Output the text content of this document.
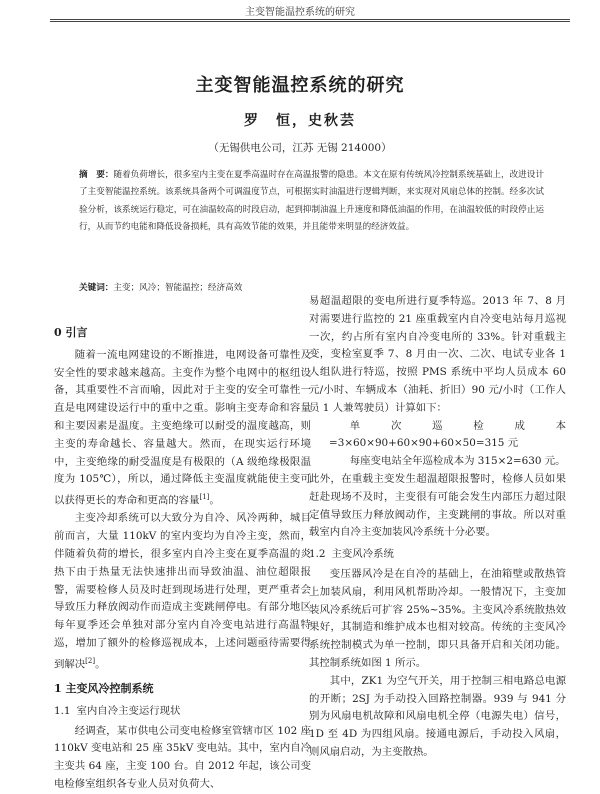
主变智能温控系统的研究
主变智能温控系统的研究
罗　恒，史秋芸
（无锡供电公司，江苏 无锡 214000）
摘　要：随着负荷增长，很多室内主变在夏季高温时存在高温报警的隐患。本文在原有传统风冷控制系统基础上，改进设计了主变智能温控系统。该系统具备两个可调温度节点，可根据实时油温进行逻辑判断，来实现对风扇总体的控制。经多次试验分析，该系统运行稳定，可在油温较高的时段启动，起到抑制油温上升速度和降低油温的作用，在油温较低的时段停止运行，从而节约电能和降低设备损耗，具有高效节能的效果，并且能带来明显的经济效益。
关键词：主变；风冷；智能温控；经济高效
0 引言

随着一流电网建设的不断推进，电网设备可靠性及安全性的要求越来越高。主变作为整个电网中的枢纽设备，其重要性不言而喻，因此对于主变的安全可靠性一直是电网建设运行中的重中之重。影响主变寿命和容量和主要因素是温度。主变绝缘可以耐受的温度越高，则主变的寿命越长、容量越大。然而，在现实运行环境中，主变绝缘的耐受温度是有极限的（A 级绝缘极限温度为 105℃），所以，通过降低主变温度就能使主变可以获得更长的寿命和更高的容量[1]。

主变冷却系统可以大致分为自冷、风冷两种，城目前而言，大量 110kV 的室内变均为自冷主变，然而，伴随着负荷的增长，很多室内自冷主变在夏季高温的炎热下由于热量无法快速排出而导致油温、油位超限报警，需要检修人员及时赶到现场进行处理，更严重者会导致压力释放阀动作而造成主变跳闸停电。有部分地区每年夏季还会单独对部分室内自冷变电站进行高温特巡，增加了额外的检修巡视成本，上述问题亟待需要得到解决[2]。

1 主变风冷控制系统
1.1 室内自冷主变运行现状

经调查，某市供电公司变电检修室管辖市区 102 座 110kV 变电站和 25 座 35kV 变电站。其中，室内自冷主变共 64 座，主变 100 台。自 2012 年起，该公司变电检修室组织各专业人员对负荷大、

易超温超限的变电所进行夏季特巡。2013 年 7、8 月对需要进行监控的 21 座重载室内自冷变电站每月巡视一次，约占所有室内自冷变电所的 33%。针对重载主变，变检室夏季 7、8 月由一次、二次、电试专业各 1 人组队进行特巡，按照 PMS 系统中平均人员成本 60 元/小时、车辆成本（油耗、折旧）90 元/小时（工作人员 1 人兼驾驶员）计算如下：

单次巡检成本=3×60×90+60×90+60×50=315 元

每座变电站全年巡检成本为 315×2=630 元。

此外，在重载主变发生超温超限报警时，检修人员如果赶赴现场不及时，主变很有可能会发生内部压力超过限定值导致压力释放阀动作，主变跳闸的事故。所以对重载室内自冷主变加装风冷系统十分必要。

1.2 主变风冷系统

变压器风冷是在自冷的基础上，在油箱壁或散热管上加装风扇，利用风机帮助冷却。一般情况下，主变加装风冷系统后可扩容 25%~35%。主变风冷系统散热效果好，其制造和维护成本也相对较高。传统的主变风冷系统控制模式为单一控制，即只具备开启和关闭功能。其控制系统如图 1 所示。

其中，ZK1 为空气开关，用于控制三相电路总电源的开断；2SJ 为手动投入回路控制器。939 与 941 分别为风扇电机故障和风扇电机全停（电源失电）信号，1D 至 4D 为四组风扇。接通电源后，手动投入风扇，则风扇启动，为主变散热。
